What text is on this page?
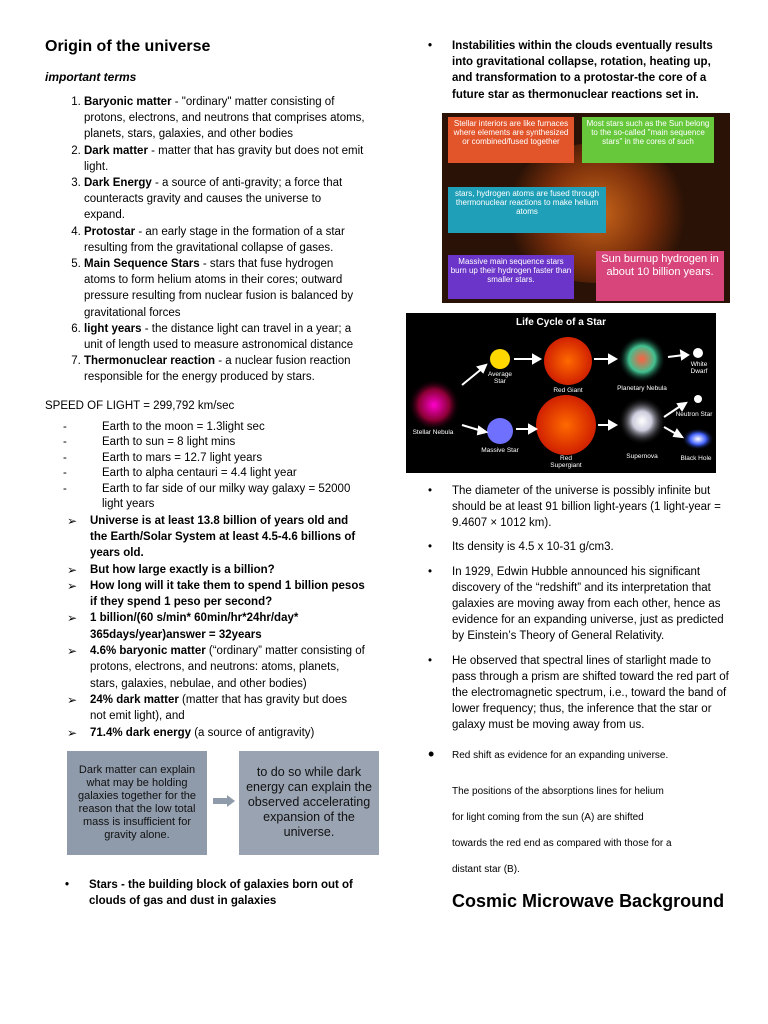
Origin of the universe
important terms
1. Baryonic matter - "ordinary" matter consisting of protons, electrons, and neutrons that comprises atoms, planets, stars, galaxies, and other bodies
2. Dark matter - matter that has gravity but does not emit light.
3. Dark Energy - a source of anti-gravity; a force that counteracts gravity and causes the universe to expand.
4. Protostar - an early stage in the formation of a star resulting from the gravitational collapse of gases.
5. Main Sequence Stars - stars that fuse hydrogen atoms to form helium atoms in their cores; outward pressure resulting from nuclear fusion is balanced by gravitational forces
6. light years - the distance light can travel in a year; a unit of length used to measure astronomical distance
7. Thermonuclear reaction - a nuclear fusion reaction responsible for the energy produced by stars.
SPEED OF LIGHT = 299,792 km/sec
- Earth to the moon = 1.3light sec
- Earth to sun = 8 light mins
- Earth to mars = 12.7 light years
- Earth to alpha centauri = 4.4 light year
- Earth to far side of our milky way galaxy = 52000 light years
➢ Universe is at least 13.8 billion of years old and the Earth/Solar System at least 4.5-4.6 billions of years old.
➢ But how large exactly is a billion?
➢ How long will it take them to spend 1 billion pesos if they spend 1 peso per second?
➢ 1 billion/(60 s/min* 60min/hr*24hr/day* 365days/year)answer = 32years
➢ 4.6% baryonic matter (“ordinary” matter consisting of protons, electrons, and neutrons: atoms, planets, stars, galaxies, nebulae, and other bodies)
➢ 24% dark matter (matter that has gravity but does not emit light), and
➢ 71.4% dark energy (a source of antigravity)
Dark matter can explain what may be holding galaxies together for the reason that the low total mass is insufficient for gravity alone.
to do so while dark energy can explain the observed accelerating expansion of the universe.
• Stars - the building block of galaxies born out of clouds of gas and dust in galaxies
• Instabilities within the clouds eventually results into gravitational collapse, rotation, heating up, and transformation to a protostar-the core of a future star as thermonuclear reactions set in.
Stellar interiors are like furnaces where elements are synthesized or combined/fused together
Most stars such as the Sun belong to the so-called "main sequence stars" in the cores of such
stars, hydrogen atoms are fused through thermonuclear reactions to make helium atoms
Massive main sequence stars burn up their hydrogen faster than smaller stars.
Sun burnup hydrogen in about 10 billion years.
Life Cycle of a Star
Stellar Nebula
Average Star
Red Giant	Planetary Nebula
White Dwarf
Massive Star
Red Supergiant
Supernova
Neutron Star
Black Hole
• The diameter of the universe is possibly infinite but should be at least 91 billion light-years (1 light-year = 9.4607 × 1012 km).
• Its density is 4.5 x 10-31 g/cm3.
• In 1929, Edwin Hubble announced his significant discovery of the “redshift” and its interpretation that galaxies are moving away from each other, hence as evidence for an expanding universe, just as predicted by Einstein’s Theory of General Relativity.
• He observed that spectral lines of starlight made to pass through a prism are shifted toward the red part of the electromagnetic spectrum, i.e., toward the band of lower frequency; thus, the inference that the star or galaxy must be moving away from us.
• Red shift as evidence for an expanding universe.

The positions of the absorptions lines for helium

for light coming from the sun (A) are shifted

towards the red end as compared with those for a

distant star (B).

Cosmic Microwave Background
